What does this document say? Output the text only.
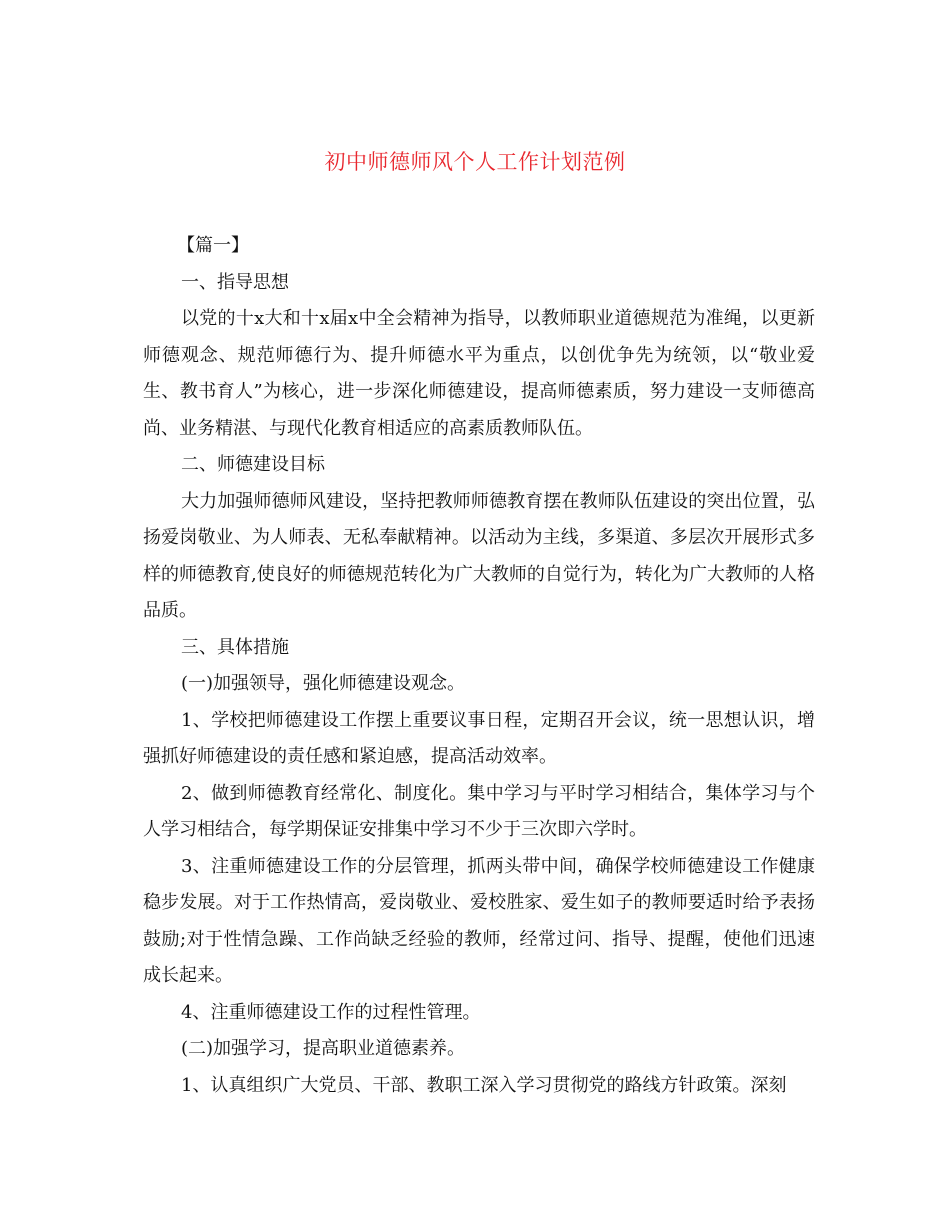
初中师德师风个人工作计划范例

【篇一】

一、指导思想

以党的十x大和十x届x中全会精神为指导，以教师职业道德规范为准绳，以更新师德观念、规范师德行为、提升师德水平为重点，以创优争先为统领，以“敬业爱生、教书育人”为核心，进一步深化师德建设，提高师德素质，努力建设一支师德高尚、业务精湛、与现代化教育相适应的高素质教师队伍。

二、师德建设目标

大力加强师德师风建设，坚持把教师师德教育摆在教师队伍建设的突出位置，弘扬爱岗敬业、为人师表、无私奉献精神。以活动为主线，多渠道、多层次开展形式多样的师德教育,使良好的师德规范转化为广大教师的自觉行为，转化为广大教师的人格品质。

三、具体措施

(一)加强领导，强化师德建设观念。

1、学校把师德建设工作摆上重要议事日程，定期召开会议，统一思想认识，增强抓好师德建设的责任感和紧迫感，提高活动效率。

2、做到师德教育经常化、制度化。集中学习与平时学习相结合，集体学习与个人学习相结合，每学期保证安排集中学习不少于三次即六学时。

3、注重师德建设工作的分层管理，抓两头带中间，确保学校师德建设工作健康稳步发展。对于工作热情高，爱岗敬业、爱校胜家、爱生如子的教师要适时给予表扬鼓励;对于性情急躁、工作尚缺乏经验的教师，经常过问、指导、提醒，使他们迅速成长起来。

4、注重师德建设工作的过程性管理。

(二)加强学习，提高职业道德素养。

1、认真组织广大党员、干部、教职工深入学习贯彻党的路线方针政策。深刻
